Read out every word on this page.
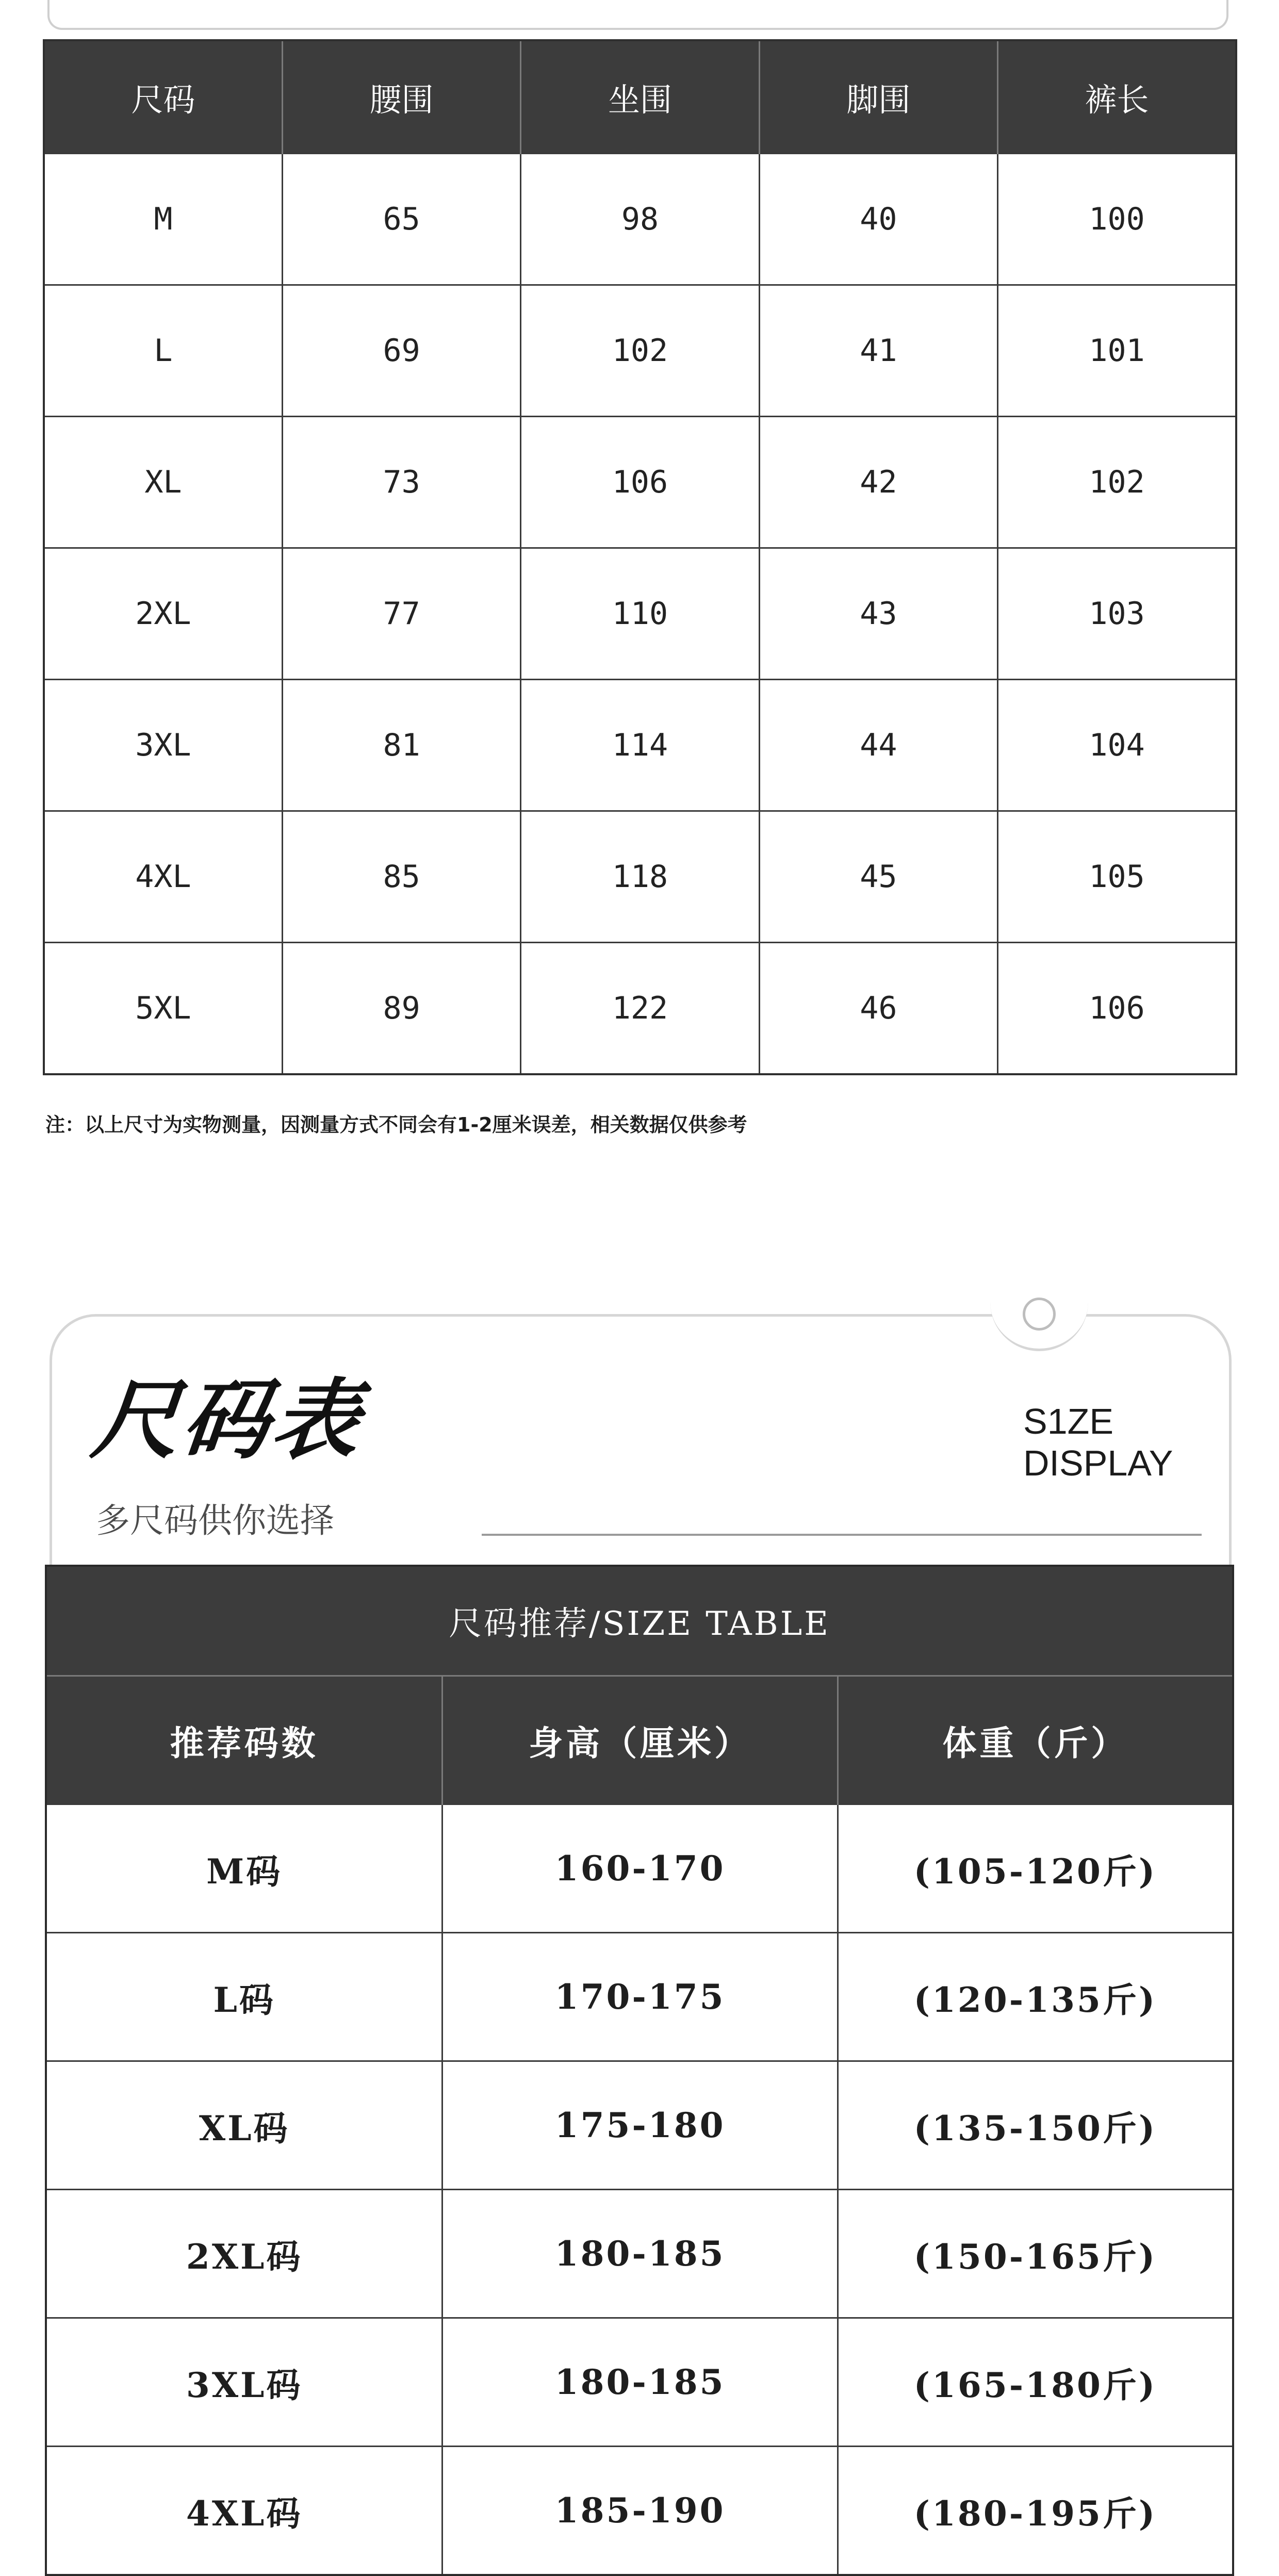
尺码	腰围	坐围	脚围	裤长
M	65	98	40	100
L	69	102	41	101
XL	73	106	42	102
2XL	77	110	43	103
3XL	81	114	44	104
4XL	85	118	45	105
5XL	89	122	46	106
注：以上尺寸为实物测量，因测量方式不同会有1-2厘米误差，相关数据仅供参考
尺码表
多尺码供你选择
S1ZE
DISPLAY
尺码推荐/SIZE TABLE		
推荐码数	身高（厘米）	体重（斤）
M码	160-170	(105-120斤)
L码	170-175	(120-135斤)
XL码	175-180	(135-150斤)
2XL码	180-185	(150-165斤)
3XL码	180-185	(165-180斤)
4XL码	185-190	(180-195斤)
